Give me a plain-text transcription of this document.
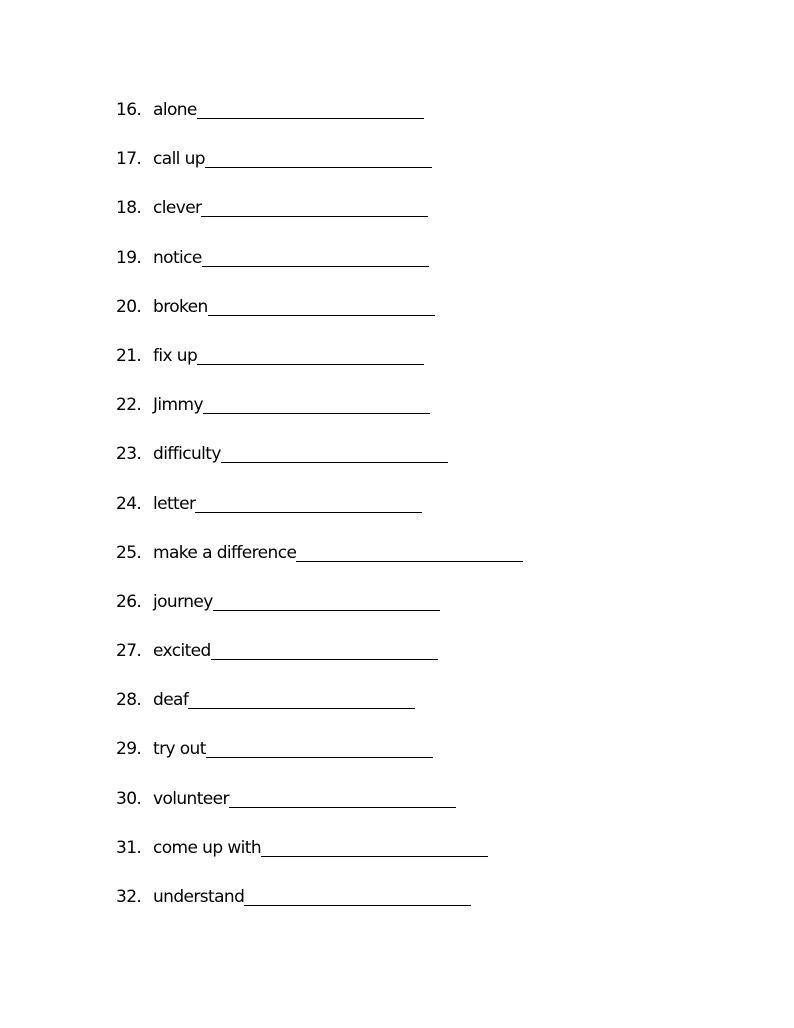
16. alone
17. call up
18. clever
19. notice
20. broken
21. fix up
22. Jimmy
23. difficulty
24. letter
25. make a difference
26. journey
27. excited
28. deaf
29. try out
30. volunteer
31. come up with
32. understand
